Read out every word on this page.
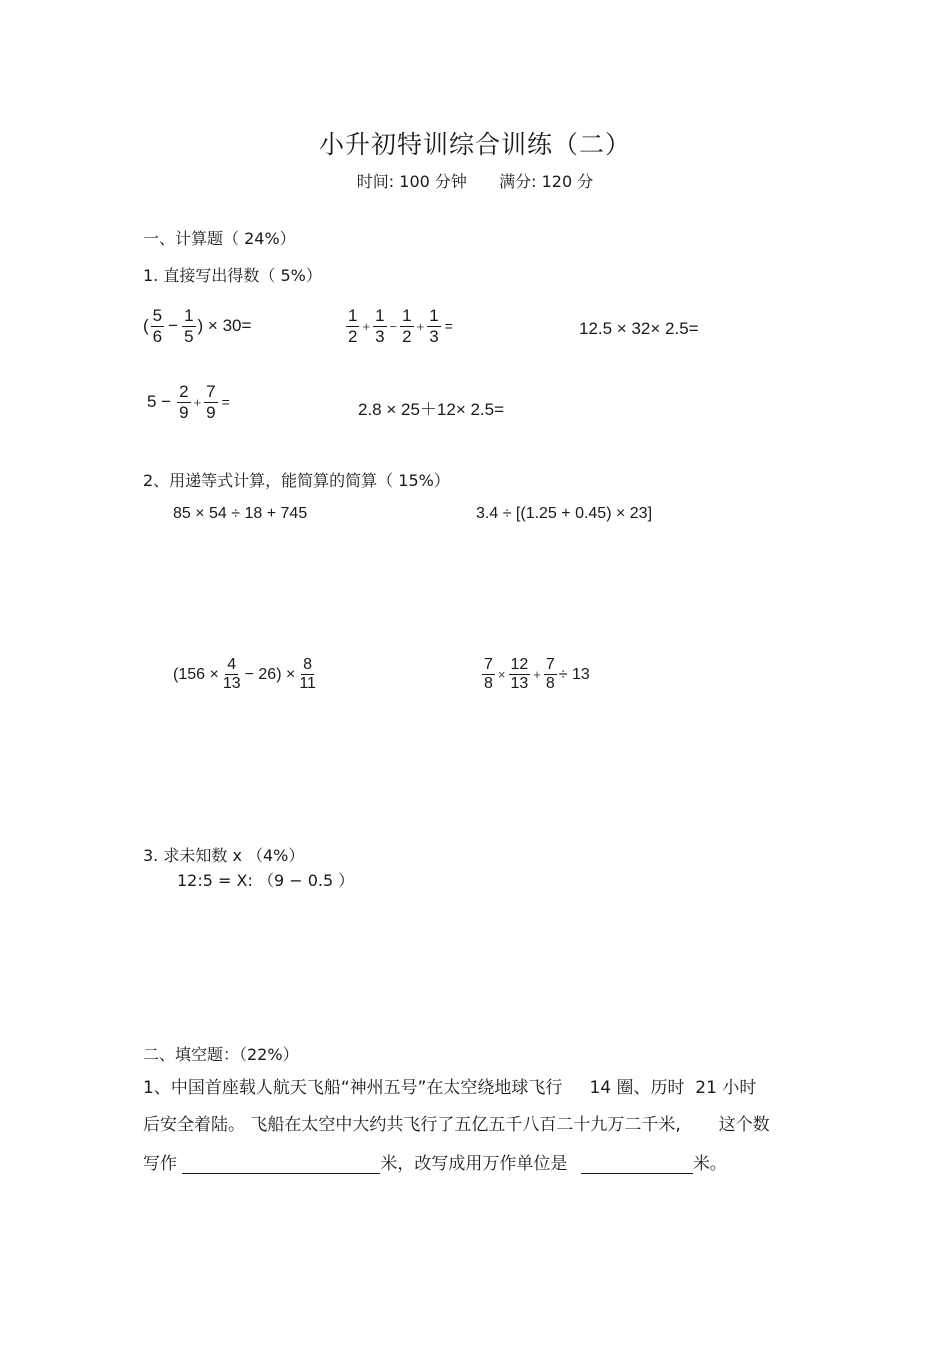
小升初特训综合训练（二）
时间: 100 分钟 满分: 120 分
一、计算题（ 24%）
1. 直接写出得数（ 5%）
( $\frac{5}{6} - \frac{1}{5}$ ) × 30=	$\frac{1}{2} + \frac{1}{3} - \frac{1}{2} + \frac{1}{3}$ =	12.5 × 32× 2.5=
$5 - \frac{2}{9} + \frac{7}{9}$ =	2.8 × 25＋12× 2.5=
2、用递等式计算，能简算的简算（ 15%）
85 × 54 ÷ 18 + 745	3.4 ÷ [(1.25 + 0.45) × 23]
$(156 \times \frac{4}{13} - 26) \times \frac{8}{11}$	$\frac{7}{8} \times \frac{12}{13} + \frac{7}{8} \div 13$
3. 求未知数 x （4%）
12:5 = X: （9 − 0.5 ）
二、填空题：（22%）
1、中国首座载人航天飞船“神州五号”在太空绕地球飞行     14 圈、历时  21 小时
后安全着陆。 飞船在太空中大约共飞行了五亿五千八百二十九万二千米,       这个数
写作	米，改写成用万作单位是	米。
